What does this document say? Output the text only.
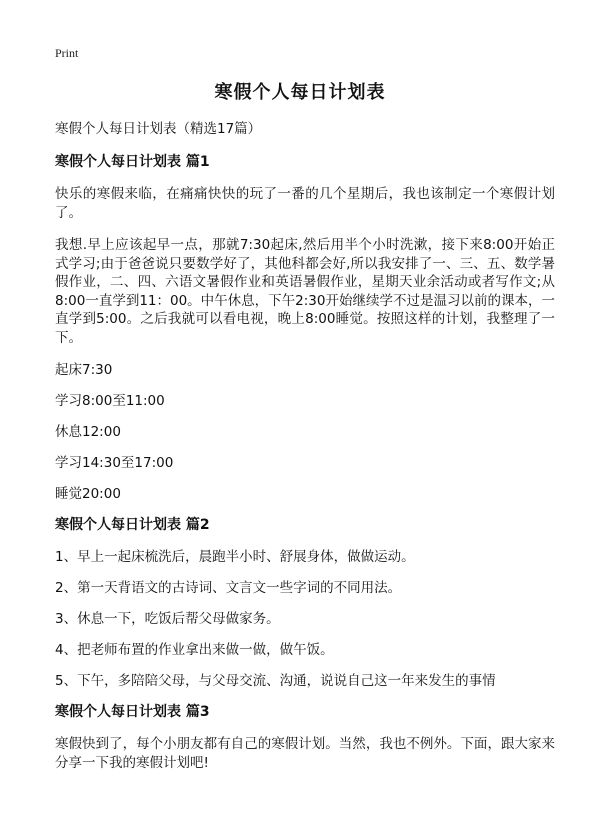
Print
寒假个人每日计划表

寒假个人每日计划表（精选17篇）

寒假个人每日计划表 篇1

快乐的寒假来临，在痛痛快快的玩了一番的几个星期后，我也该制定一个寒假计划了。

我想.早上应该起早一点，那就7:30起床,然后用半个小时洗漱，接下来8:00开始正式学习;由于爸爸说只要数学好了，其他科都会好,所以我安排了一、三、五、数学暑假作业，二、四、六语文暑假作业和英语暑假作业，星期天业余活动或者写作文;从8:00一直学到11：00。中午休息，下午2:30开始继续学不过是温习以前的课本，一直学到5:00。之后我就可以看电视，晚上8:00睡觉。按照这样的计划，我整理了一下。

起床7:30

学习8:00至11:00

休息12:00

学习14:30至17:00

睡觉20:00

寒假个人每日计划表 篇2

1、早上一起床梳洗后，晨跑半小时、舒展身体，做做运动。

2、第一天背语文的古诗词、文言文一些字词的不同用法。

3、休息一下，吃饭后帮父母做家务。

4、把老师布置的作业拿出来做一做，做午饭。

5、下午，多陪陪父母，与父母交流、沟通，说说自己这一年来发生的事情

寒假个人每日计划表 篇3

寒假快到了，每个小朋友都有自己的寒假计划。当然，我也不例外。下面，跟大家来分享一下我的寒假计划吧!
